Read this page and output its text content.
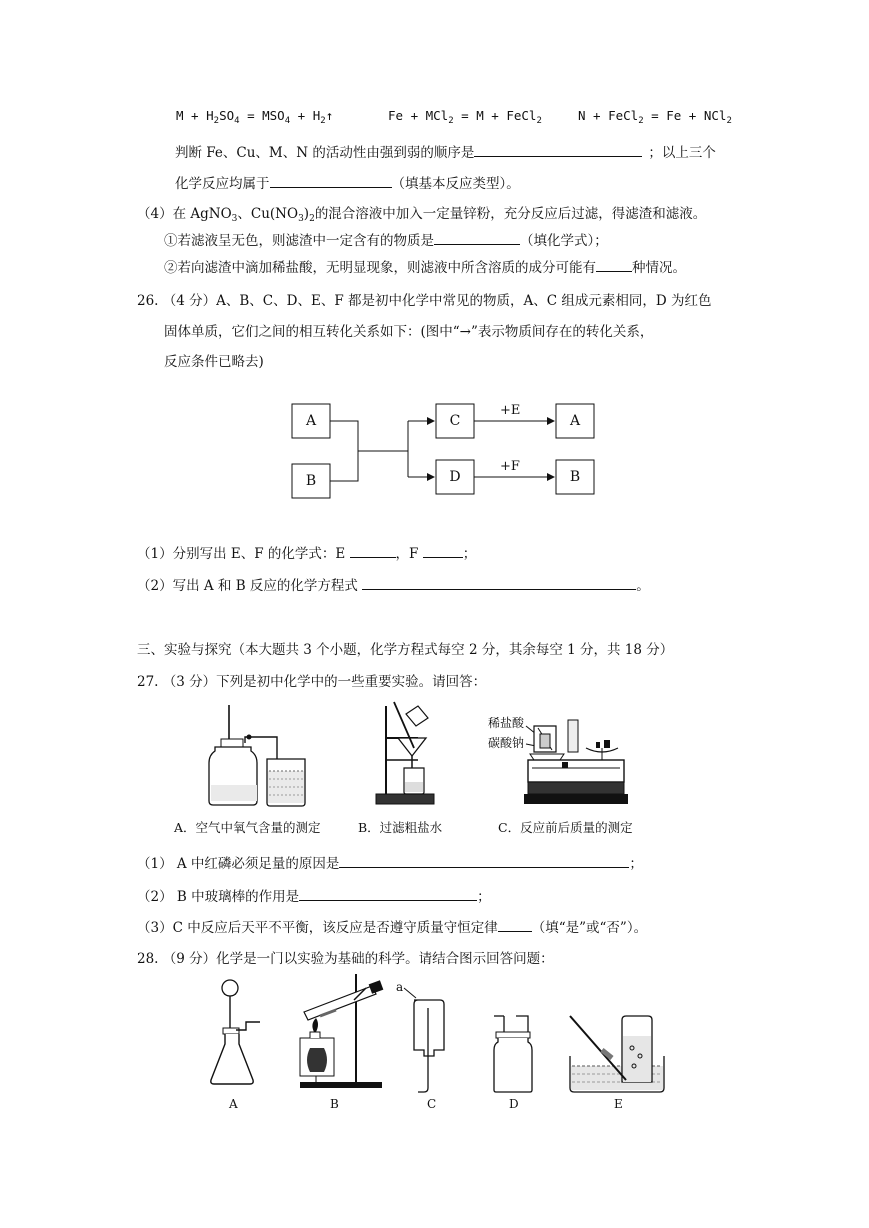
$M + H_2SO_4 = MSO_4$ + $H_2↑$	Fe + MCl$_2$ = M + FeCl$_2$	N + FeCl$_2$ = Fe + NCl$_2$
判断 Fe、Cu、M、N 的活动性由强到弱的顺序是	；以上三个
化学反应均属于	（填基本反应类型）。
（4）在 AgNO$_3$、$Cu(NO_3)_2$的混合溶液中加入一定量锌粉，充分反应后过滤，得滤渣和滤液。
①若滤液呈无色，则滤渣中一定含有的物质是	（填化学式）；
②若向滤渣中滴加稀盐酸，无明显现象，则滤液中所含溶质的成分可能有	种情况。
26. （4 分）A、B、C、D、E、F 都是初中化学中常见的物质，A、C 组成元素相同，D 为红色
固体单质，它们之间的相互转化关系如下：(图中“→”表示物质间存在的转化关系，
反应条件已略去)
A
B
C
D
A
B
+E
+F
（1）分别写出 E、F 的化学式：E	，F	；
（2）写出 A 和 B 反应的化学方程式	。
三、实验与探究（本大题共 3 个小题，化学方程式每空 2 分，其余每空 1 分，共 18 分）
27. （3 分）下列是初中化学中的一些重要实验。请回答：
稀盐酸
碳酸钠
A．空气中氧气含量的测定	B．过滤粗盐水	C．反应前后质量的测定
（1） A 中红磷必须足量的原因是	；
（2） B 中玻璃棒的作用是	；
（3）C 中反应后天平不平衡，该反应是否遵守质量守恒定律	（填“是”或“否”）。
28. （9 分）化学是一门以实验为基础的科学。请结合图示回答问题：
a
A	B	C	D	E
